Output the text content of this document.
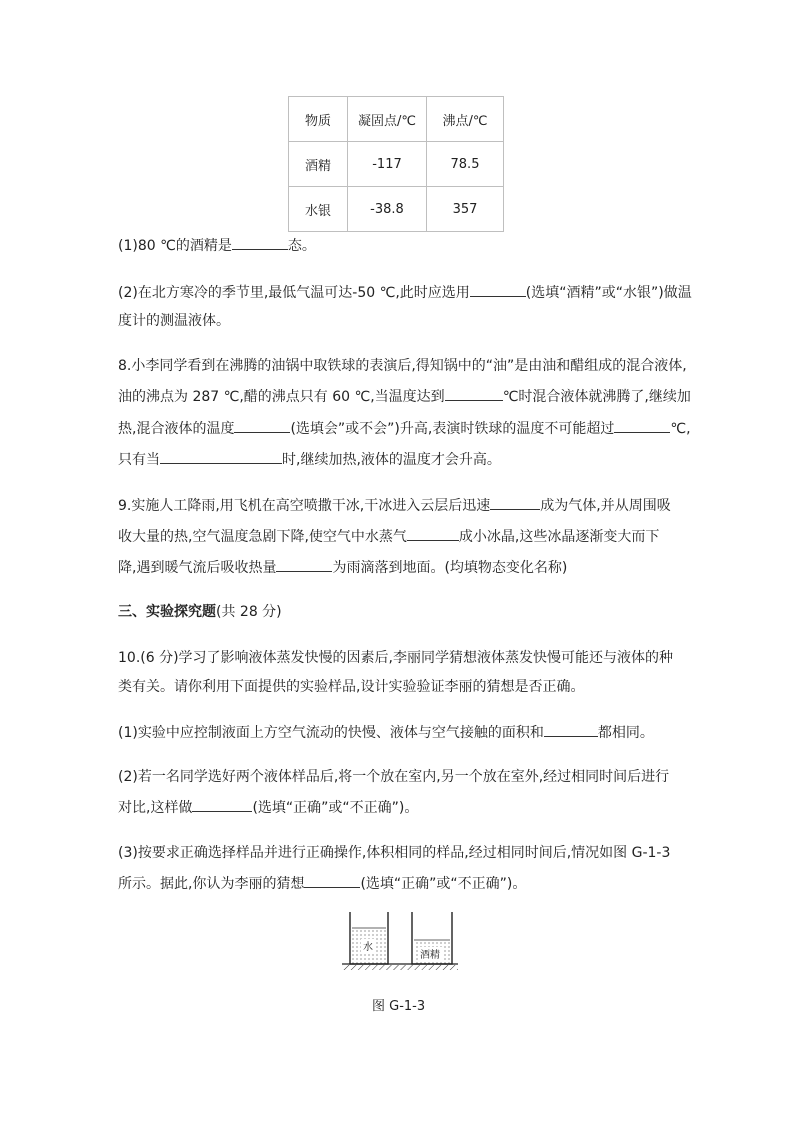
物质	凝固点/℃	沸点/℃
酒精	-117	78.5
水银	-38.8	357
(1)80 ℃的酒精是	态。
(2)在北方寒冷的季节里,最低气温可达-50 ℃,此时应选用	(选填“酒精”或“水银”)做温
度计的测温液体。
8.小李同学看到在沸腾的油锅中取铁球的表演后,得知锅中的“油”是由油和醋组成的混合液体,
油的沸点为 287 ℃,醋的沸点只有 60 ℃,当温度达到	℃时混合液体就沸腾了,继续加
热,混合液体的温度	(选填会”或不会”)升高,表演时铁球的温度不可能超过	℃,
只有当	时,继续加热,液体的温度才会升高。
9.实施人工降雨,用飞机在高空喷撒干冰,干冰进入云层后迅速	成为气体,并从周围吸
收大量的热,空气温度急剧下降,使空气中水蒸气	成小冰晶,这些冰晶逐渐变大而下
降,遇到暖气流后吸收热量	为雨滴落到地面。(均填物态变化名称)
三、实验探究题(共 28 分)
10.(6 分)学习了影响液体蒸发快慢的因素后,李丽同学猜想液体蒸发快慢可能还与液体的种
类有关。请你利用下面提供的实验样品,设计实验验证李丽的猜想是否正确。
(1)实验中应控制液面上方空气流动的快慢、液体与空气接触的面积和	都相同。
(2)若一名同学选好两个液体样品后,将一个放在室内,另一个放在室外,经过相同时间后进行
对比,这样做	(选填“正确”或“不正确”)。
(3)按要求正确选择样品并进行正确操作,体积相同的样品,经过相同时间后,情况如图 G-1-3
所示。据此,你认为李丽的猜想	(选填“正确”或“不正确”)。
水
酒精
图 G-1-3
